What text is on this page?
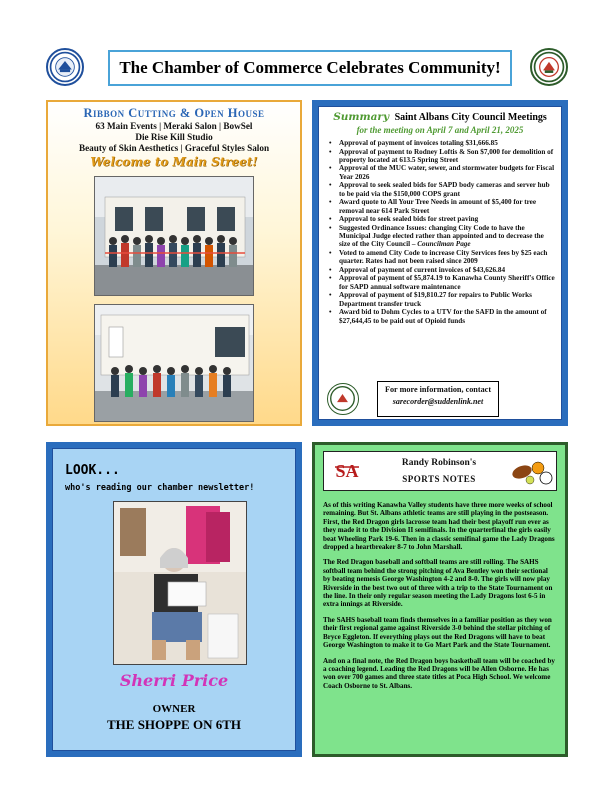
The Chamber of Commerce Celebrates Community!
Ribbon Cutting & Open House
63 Main Events | Meraki Salon | BowSel
Die Rise Kill Studio
Beauty of Skin Aesthetics | Graceful Styles Salon
Welcome to Main Street!
Summary Saint Albans City Council Meetings
for the meeting on April 7 and April 21, 2025
• Approval of payment of invoices totaling $31,666.85
• Approval of payment to Rodney Loftis & Son $7,000 for demolition of property located at 613.5 Spring Street
• Approval of the MUC water, sewer, and stormwater budgets for Fiscal Year 2026
• Approval to seek sealed bids for SAPD body cameras and server hub to be paid via the $150,000 COPS grant
• Award quote to All Your Tree Needs in amount of $5,400 for tree removal near 614 Park Street
• Approval to seek sealed bids for street paving
• Suggested Ordinance Issues: changing City Code to have the Municipal Judge elected rather than appointed and to decrease the size of the City Council – Councilman Page
• Voted to amend City Code to increase City Services fees by $25 each quarter. Rates had not been raised since 2009
• Approval of payment of current invoices of $43,626.84
• Approval of payment of $5,874.19 to Kanawha County Sheriff's Office for SAPD annual software maintenance
• Approval of payment of $19,810.27 for repairs to Public Works Department transfer truck
• Award bid to Dohm Cycles to a UTV for the SAFD in the amount of $27,644,45 to be paid out of Opioid funds
For more information, contact
sarecorder@suddenlink.net
LOOK...
who's reading our chamber newsletter!
Sherri Price
OWNER
THE SHOPPE ON 6TH
SA	Randy Robinson's
SPORTS NOTES

As of this writing Kanawha Valley students have three more weeks of school remaining. But St. Albans athletic teams are still playing in the postseason. First, the Red Dragon girls lacrosse team had their best playoff run ever as they made it to the Division II semifinals. In the quarterfinal the girls easily beat Wheeling Park 19-6. Then in a classic semifinal game the Lady Dragons dropped a heartbreaker 8-7 to John Marshall.

The Red Dragon baseball and softball teams are still rolling. The SAHS softball team behind the strong pitching of Ava Bentley won their sectional by beating nemesis George Washington 4-2 and 8-0. The girls will now play Riverside in the best two out of three with a trip to the State Tournament on the line. In their only regular season meeting the Lady Dragons lost 6-5 in extra innings at Riverside.

The SAHS baseball team finds themselves in a familiar position as they won their first regional game against Riverside 3-0 behind the stellar pitching of Bryce Eggleton. If everything plays out the Red Dragons will have to beat George Washington to make it to Go Mart Park and the State Tournament.

And on a final note, the Red Dragon boys basketball team will be coached by a coaching legend. Leading the Red Dragons will be Allen Osborne. He has won over 700 games and three state titles at Poca High School. We welcome Coach Osborne to St. Albans.
